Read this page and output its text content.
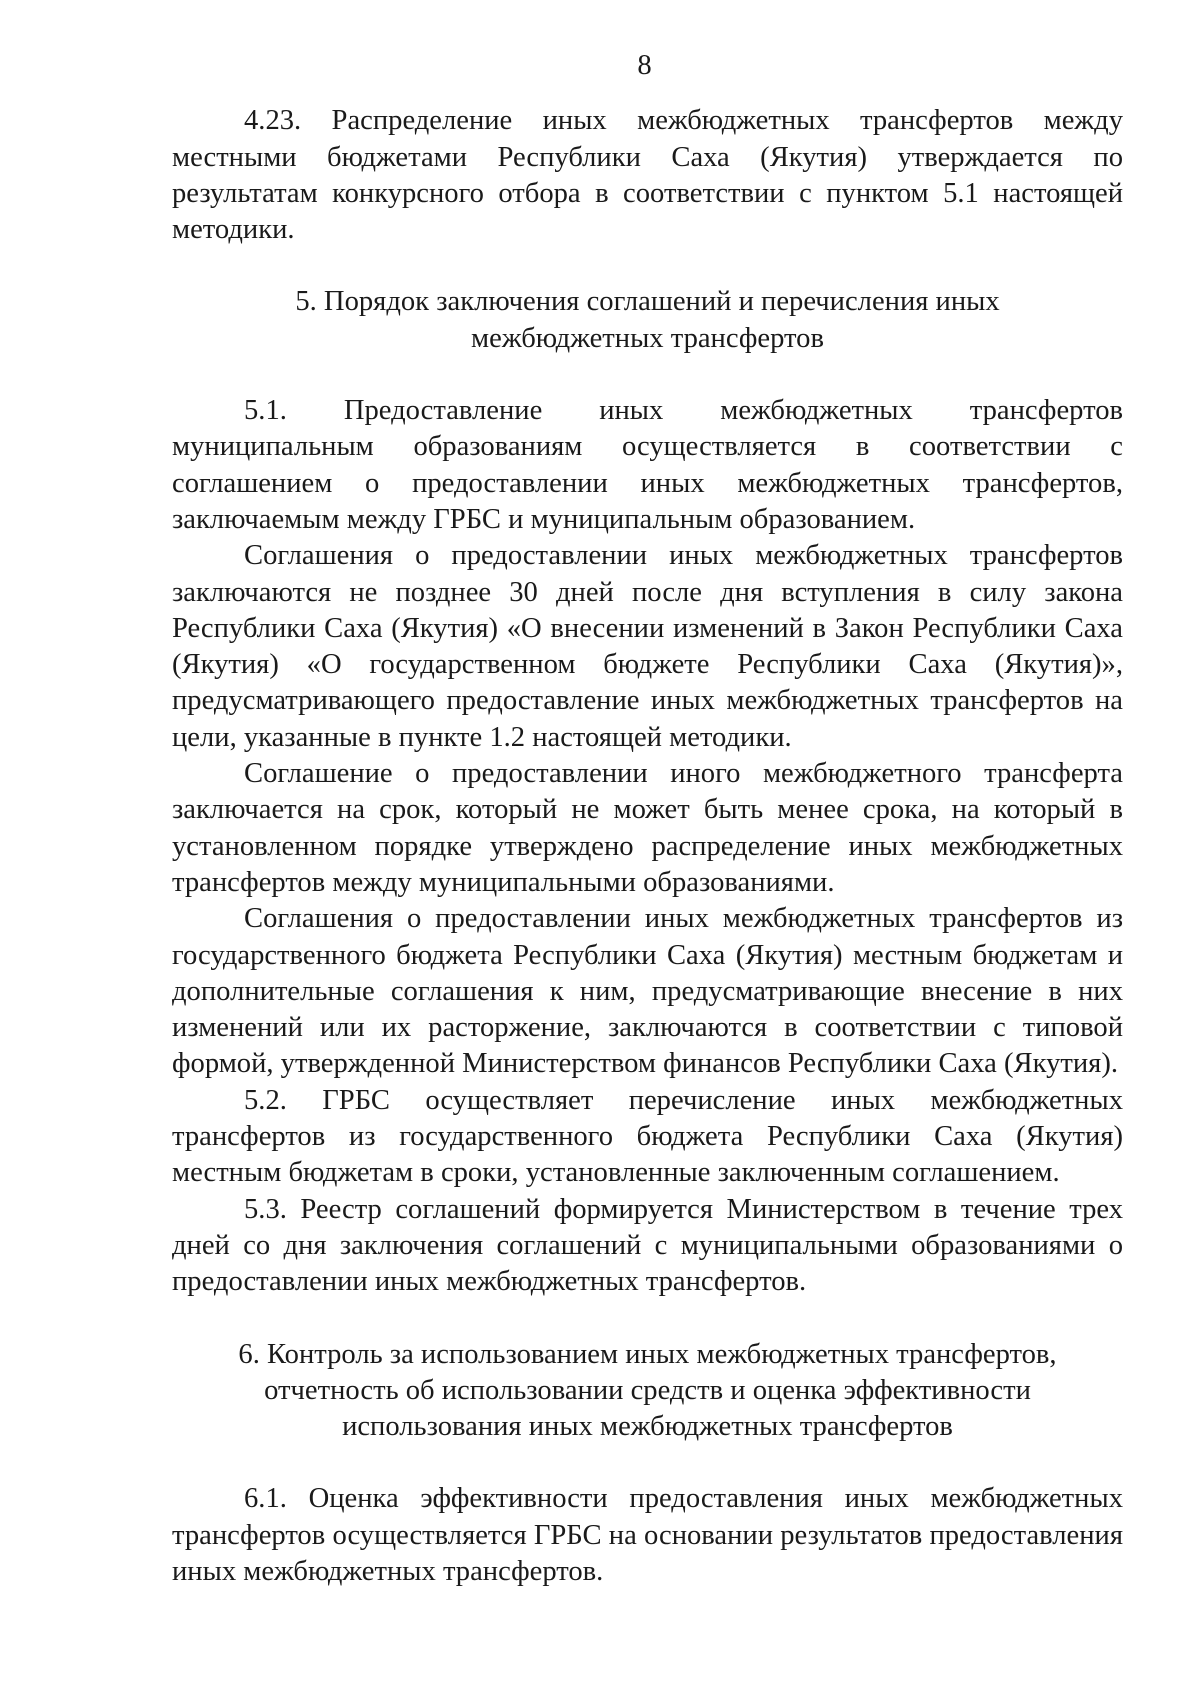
8

4.23. Распределение иных межбюджетных трансфертов между местными бюджетами Республики Саха (Якутия) утверждается по результатам конкурсного отбора в соответствии с пунктом 5.1 настоящей методики.

5. Порядок заключения соглашений и перечисления иных
межбюджетных трансфертов

5.1. Предоставление иных межбюджетных трансфертов муниципальным образованиям осуществляется в соответствии с соглашением о предоставлении иных межбюджетных трансфертов, заключаемым между ГРБС и муниципальным образованием.

Соглашения о предоставлении иных межбюджетных трансфертов заключаются не позднее 30 дней после дня вступления в силу закона Республики Саха (Якутия) «О внесении изменений в Закон Республики Саха (Якутия) «О государственном бюджете Республики Саха (Якутия)», предусматривающего предоставление иных межбюджетных трансфертов на цели, указанные в пункте 1.2 настоящей методики.

Соглашение о предоставлении иного межбюджетного трансферта заключается на срок, который не может быть менее срока, на который в установленном порядке утверждено распределение иных межбюджетных трансфертов между муниципальными образованиями.

Соглашения о предоставлении иных межбюджетных трансфертов из государственного бюджета Республики Саха (Якутия) местным бюджетам и дополнительные соглашения к ним, предусматривающие внесение в них изменений или их расторжение, заключаются в соответствии с типовой формой, утвержденной Министерством финансов Республики Саха (Якутия).

5.2. ГРБС осуществляет перечисление иных межбюджетных трансфертов из государственного бюджета Республики Саха (Якутия) местным бюджетам в сроки, установленные заключенным соглашением.

5.3. Реестр соглашений формируется Министерством в течение трех дней со дня заключения соглашений с муниципальными образованиями о предоставлении иных межбюджетных трансфертов.

6. Контроль за использованием иных межбюджетных трансфертов,
отчетность об использовании средств и оценка эффективности
использования иных межбюджетных трансфертов

6.1. Оценка эффективности предоставления иных межбюджетных трансфертов осуществляется ГРБС на основании результатов предоставления иных межбюджетных трансфертов.
